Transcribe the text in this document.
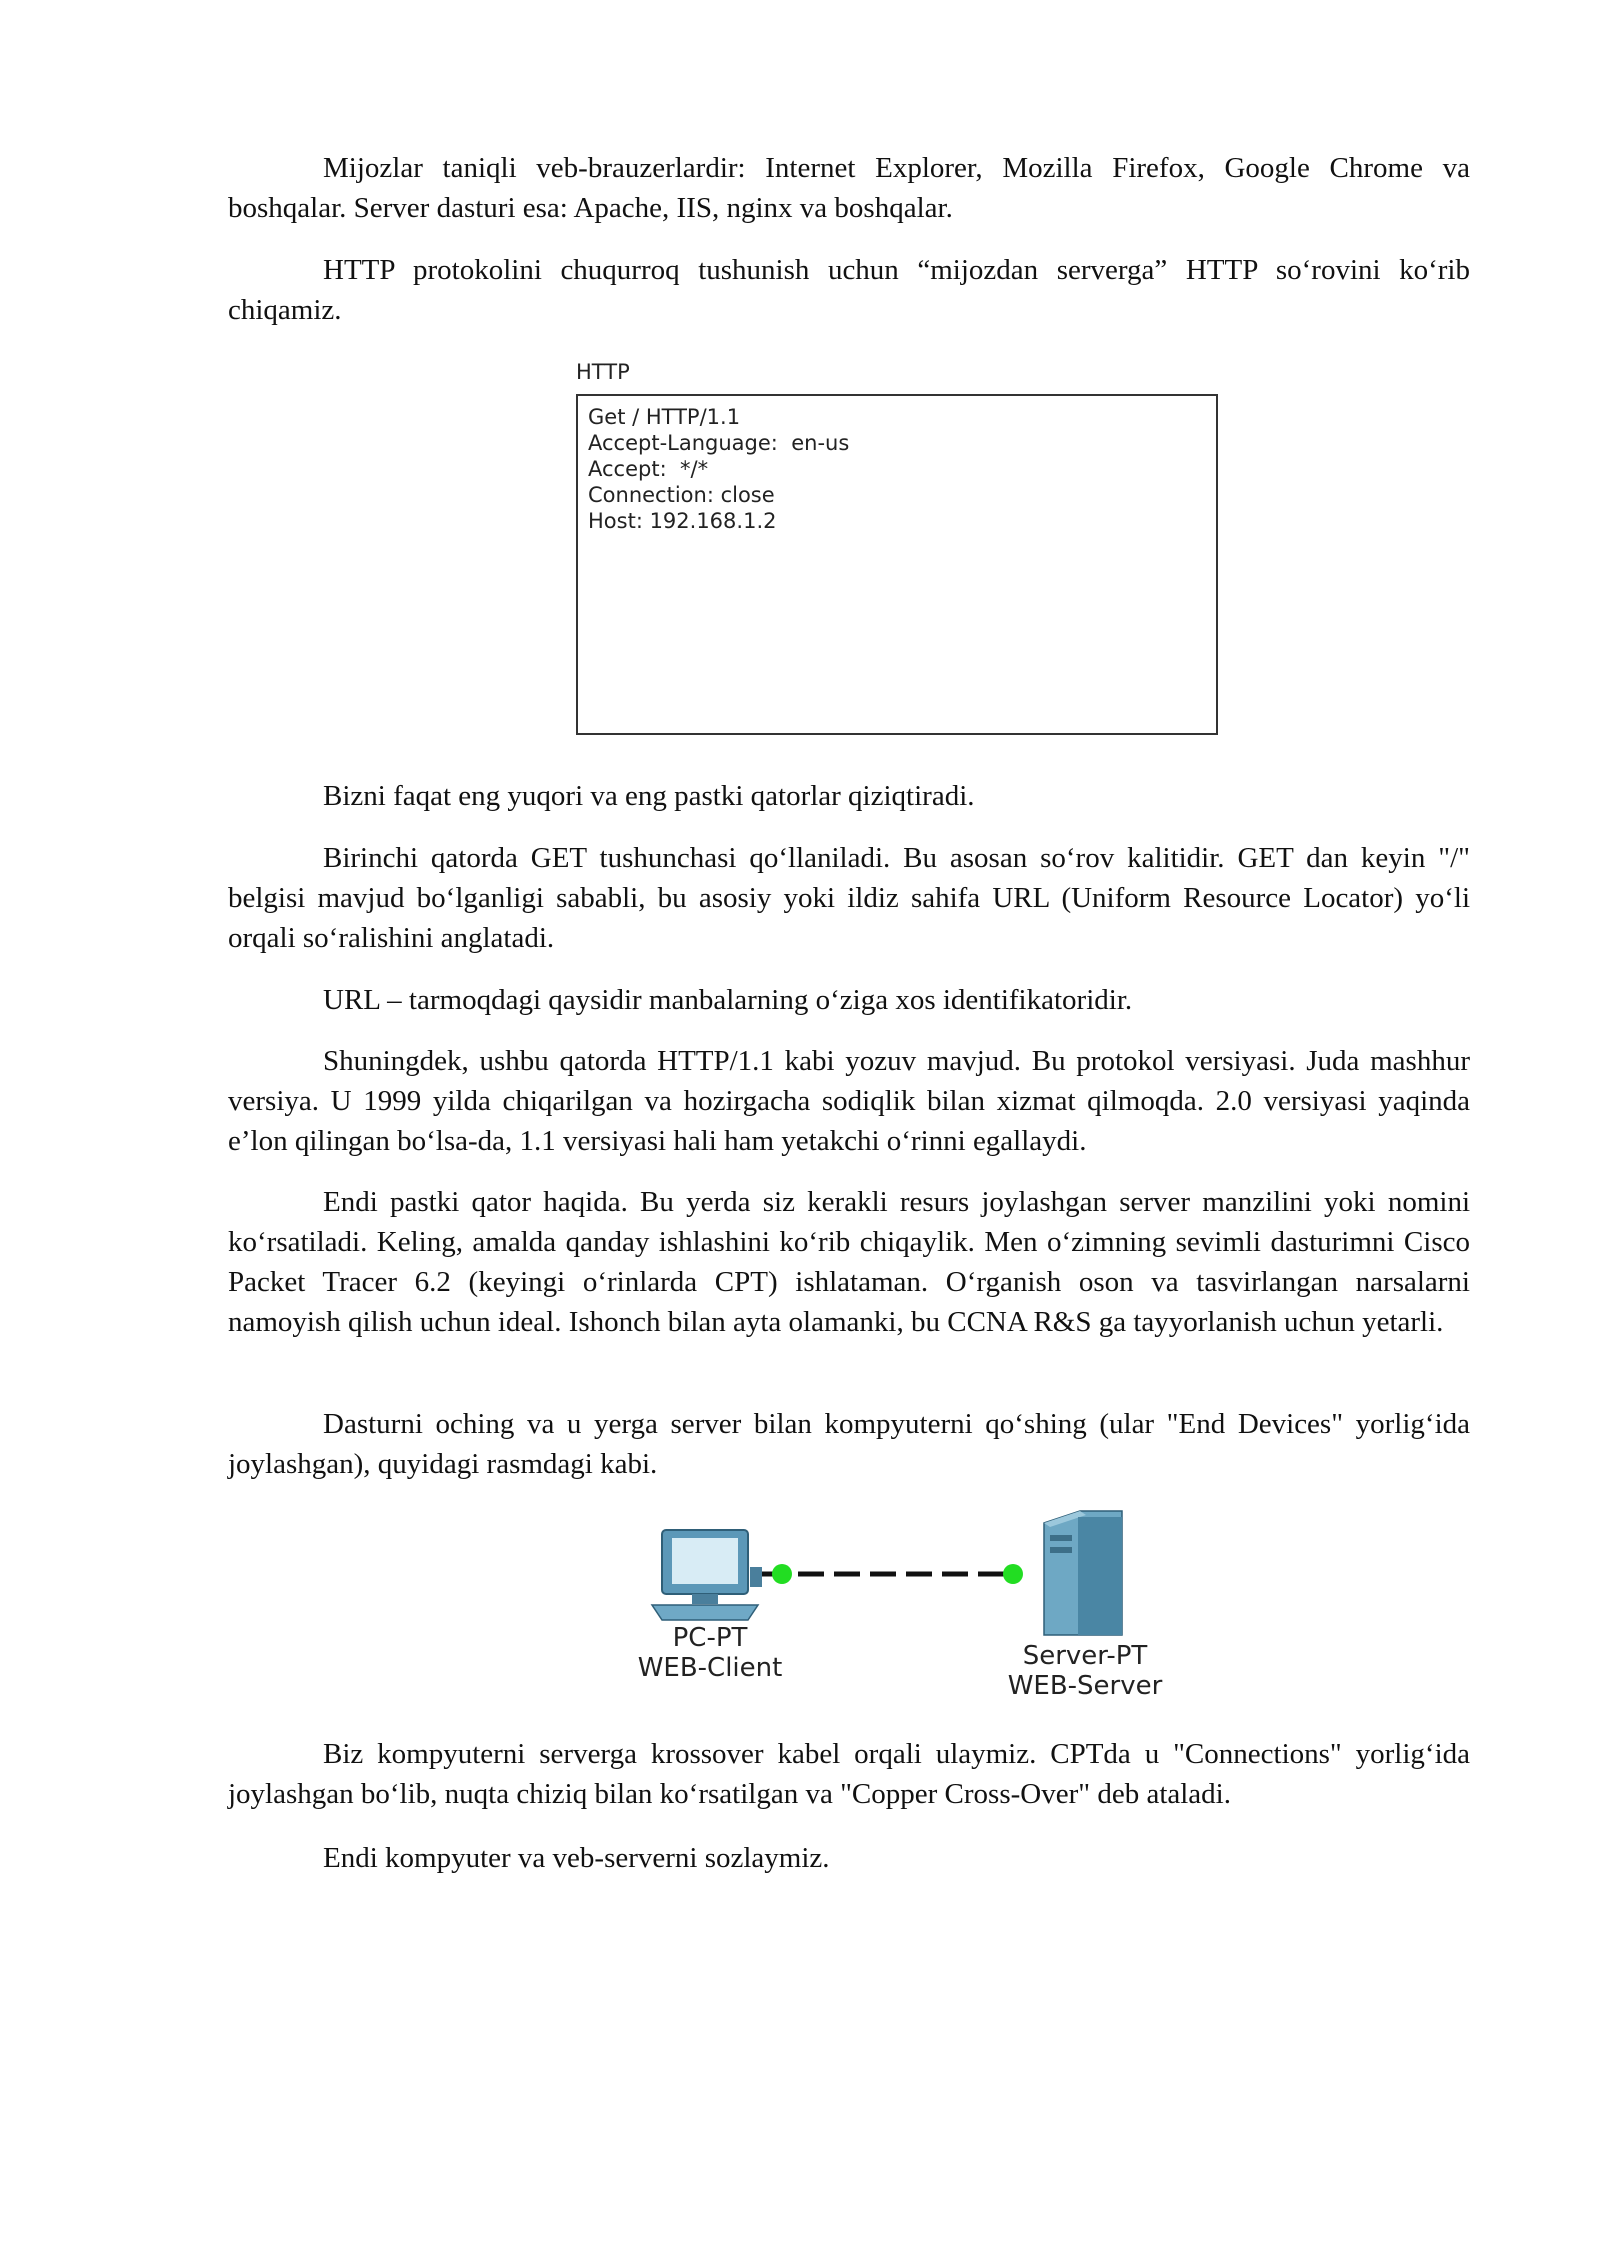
Mijozlar taniqli veb-brauzerlardir: Internet Explorer, Mozilla Firefox, Google Chrome va boshqalar. Server dasturi esa: Apache, IIS, nginx va boshqalar.

HTTP protokolini chuqurroq tushunish uchun “mijozdan serverga” HTTP so‘rovini ko‘rib chiqamiz.

HTTP
Get / HTTP/1.1
Accept-Language:  en-us
Accept:  */*
Connection: close
Host: 192.168.1.2

Bizni faqat eng yuqori va eng pastki qatorlar qiziqtiradi.

Birinchi qatorda GET tushunchasi qo‘llaniladi. Bu asosan so‘rov kalitidir. GET dan keyin "/" belgisi mavjud bo‘lganligi sababli, bu asosiy yoki ildiz sahifa URL (Uniform Resource Locator) yo‘li orqali so‘ralishini anglatadi.

URL – tarmoqdagi qaysidir manbalarning o‘ziga xos identifikatoridir.

Shuningdek, ushbu qatorda HTTP/1.1 kabi yozuv mavjud. Bu protokol versiyasi. Juda mashhur versiya. U 1999 yilda chiqarilgan va hozirgacha sodiqlik bilan xizmat qilmoqda. 2.0 versiyasi yaqinda e’lon qilingan bo‘lsa-da, 1.1 versiyasi hali ham yetakchi o‘rinni egallaydi.

Endi pastki qator haqida. Bu yerda siz kerakli resurs joylashgan server manzilini yoki nomini ko‘rsatiladi. Keling, amalda qanday ishlashini ko‘rib chiqaylik. Men o‘zimning sevimli dasturimni Cisco Packet Tracer 6.2 (keyingi o‘rinlarda CPT) ishlataman. O‘rganish oson va tasvirlangan narsalarni namoyish qilish uchun ideal. Ishonch bilan ayta olamanki, bu CCNA R&S ga tayyorlanish uchun yetarli.

Dasturni oching va u yerga server bilan kompyuterni qo‘shing (ular "End Devices" yorlig‘ida joylashgan), quyidagi rasmdagi kabi.

PC-PT
WEB-Client	Server-PT
WEB-Server

Biz kompyuterni serverga krossover kabel orqali ulaymiz. CPTda u "Connections" yorlig‘ida joylashgan bo‘lib, nuqta chiziq bilan ko‘rsatilgan va "Copper Cross-Over" deb ataladi.

Endi kompyuter va veb-serverni sozlaymiz.
